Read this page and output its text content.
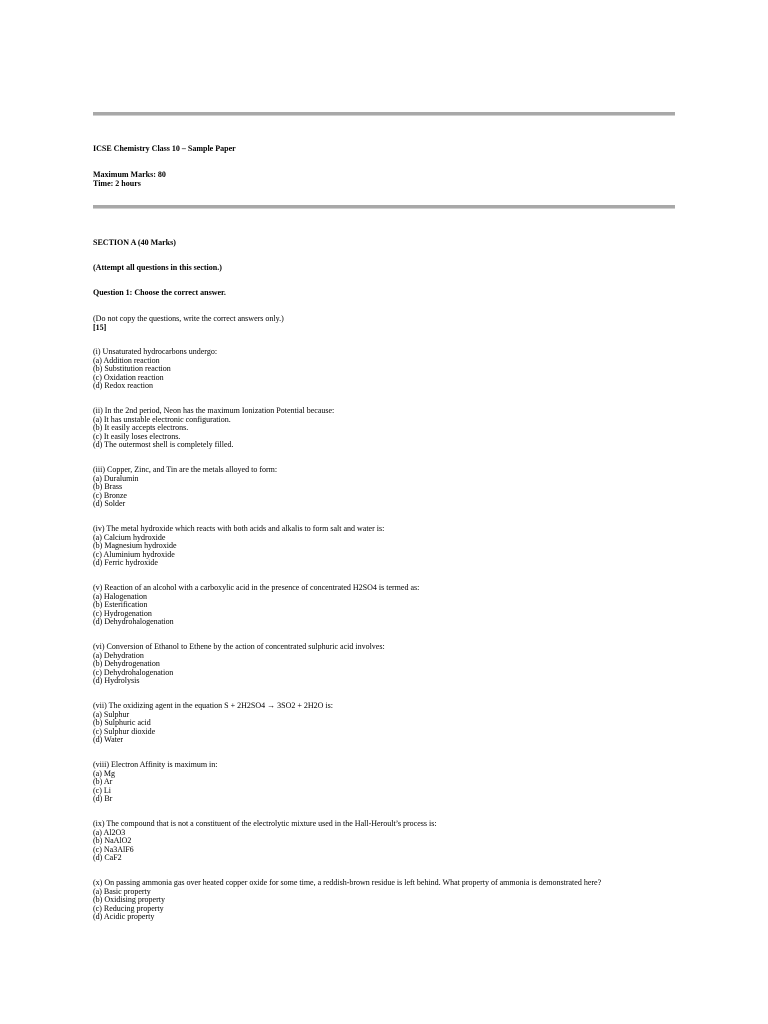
ICSE Chemistry Class 10 – Sample Paper
Maximum Marks: 80
Time: 2 hours
SECTION A (40 Marks)
(Attempt all questions in this section.)
Question 1: Choose the correct answer.
(Do not copy the questions, write the correct answers only.)
[15]
(i) Unsaturated hydrocarbons undergo:
(a) Addition reaction
(b) Substitution reaction
(c) Oxidation reaction
(d) Redox reaction
(ii) In the 2nd period, Neon has the maximum Ionization Potential because:
(a) It has unstable electronic configuration.
(b) It easily accepts electrons.
(c) It easily loses electrons.
(d) The outermost shell is completely filled.
(iii) Copper, Zinc, and Tin are the metals alloyed to form:
(a) Duralumin
(b) Brass
(c) Bronze
(d) Solder
(iv) The metal hydroxide which reacts with both acids and alkalis to form salt and water is:
(a) Calcium hydroxide
(b) Magnesium hydroxide
(c) Aluminium hydroxide
(d) Ferric hydroxide
(v) Reaction of an alcohol with a carboxylic acid in the presence of concentrated H2SO4 is termed as:
(a) Halogenation
(b) Esterification
(c) Hydrogenation
(d) Dehydrohalogenation
(vi) Conversion of Ethanol to Ethene by the action of concentrated sulphuric acid involves:
(a) Dehydration
(b) Dehydrogenation
(c) Dehydrohalogenation
(d) Hydrolysis
(vii) The oxidizing agent in the equation S + 2H2SO4 → 3SO2 + 2H2O is:
(a) Sulphur
(b) Sulphuric acid
(c) Sulphur dioxide
(d) Water
(viii) Electron Affinity is maximum in:
(a) Mg
(b) Ar
(c) Li
(d) Br
(ix) The compound that is not a constituent of the electrolytic mixture used in the Hall-Heroult’s process is:
(a) Al2O3
(b) NaAlO2
(c) Na3AlF6
(d) CaF2
(x) On passing ammonia gas over heated copper oxide for some time, a reddish-brown residue is left behind. What property of ammonia is demonstrated here?
(a) Basic property
(b) Oxidising property
(c) Reducing property
(d) Acidic property
